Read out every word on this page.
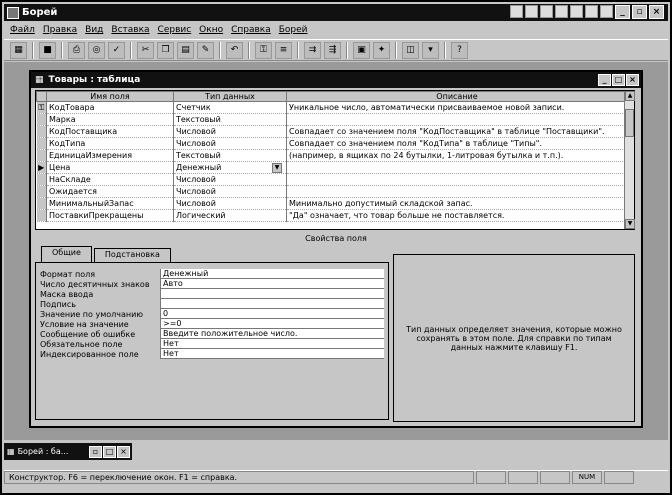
Борей	_	▫	×
Файл Правка Вид Вставка Сервис Окно Справка Борей
▦	■	⎙	◎	✓	✂	❐	▤	✎	↶	⚿	≡	⇉	⇶	▣	✦	◫	▾	?
▦ Товары : таблица	_	□ ×
	Имя поля	Тип данных	Описание
⚿	КодТовара	Счетчик	Уникальное число, автоматически присваиваемое новой записи.
	Марка	Текстовый	
	КодПоставщика	Числовой	Совпадает со значением поля "КодПоставщика" в таблице "Поставщики".
	КодТипа	Числовой	Совпадает со значением поля "КодТипа" в таблице "Типы".
	ЕдиницаИзмерения	Текстовый	(например, в ящиках по 24 бутылки, 1-литровая бутылка и т.п.).
▶	Цена	Денежный ▼	

	НаСкладе	Числовой	
	Ожидается	Числовой	
	МинимальныйЗапас	Числовой	Минимально допустимый складской запас.
	ПоставкиПрекращены	Логический	"Да" означает, что товар больше не поставляется.
▲
▼
Свойства поля
Общие	Подстановка
Формат поля	Денежный
Число десятичных знаков	Авто
Маска ввода
Подпись
Значение по умолчанию	0
Условие на значение	>=0
Сообщение об ошибке	Введите положительное число.
Обязательное поле	Нет
Индексированное поле	Нет
Тип данных определяет значения, которые можно сохранять в этом поле. Для справки по типам данных нажмите клавишу F1.
▦ Борей : ба...	▫ □ ×
Конструктор. F6 = переключение окон. F1 = справка.	NUM
